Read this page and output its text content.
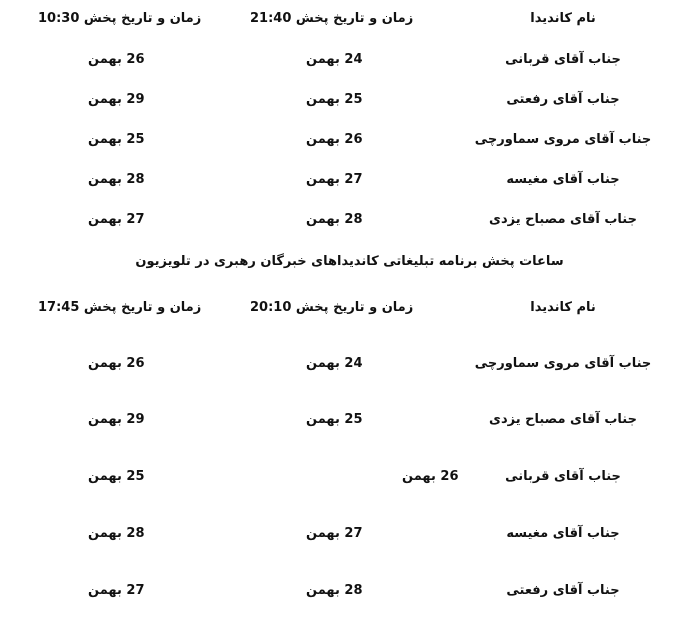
نام کاندیدا
زمان و تاریخ پخش 21:40
زمان و تاریخ پخش 10:30
جناب آقای قربانی
24 بهمن
26 بهمن
جناب آقای رفعتی
25 بهمن
29 بهمن
جناب آقای مروی سماورچی
26 بهمن
25 بهمن
جناب آقای مغیسه
27 بهمن
28 بهمن
جناب آقای مصباح یزدی
28 بهمن
27 بهمن
ساعات پخش برنامه تبلیغاتی کاندیداهای خبرگان رهبری در تلویزیون
نام کاندیدا
زمان و تاریخ پخش 20:10
زمان و تاریخ پخش 17:45
جناب آقای مروی سماورچی
24 بهمن
26 بهمن
جناب آقای مصباح یزدی
25 بهمن
29 بهمن
جناب آقای قربانی
26 بهمن
25 بهمن
جناب آقای مغیسه
27 بهمن
28 بهمن
جناب آقای رفعتی
28 بهمن
27 بهمن
